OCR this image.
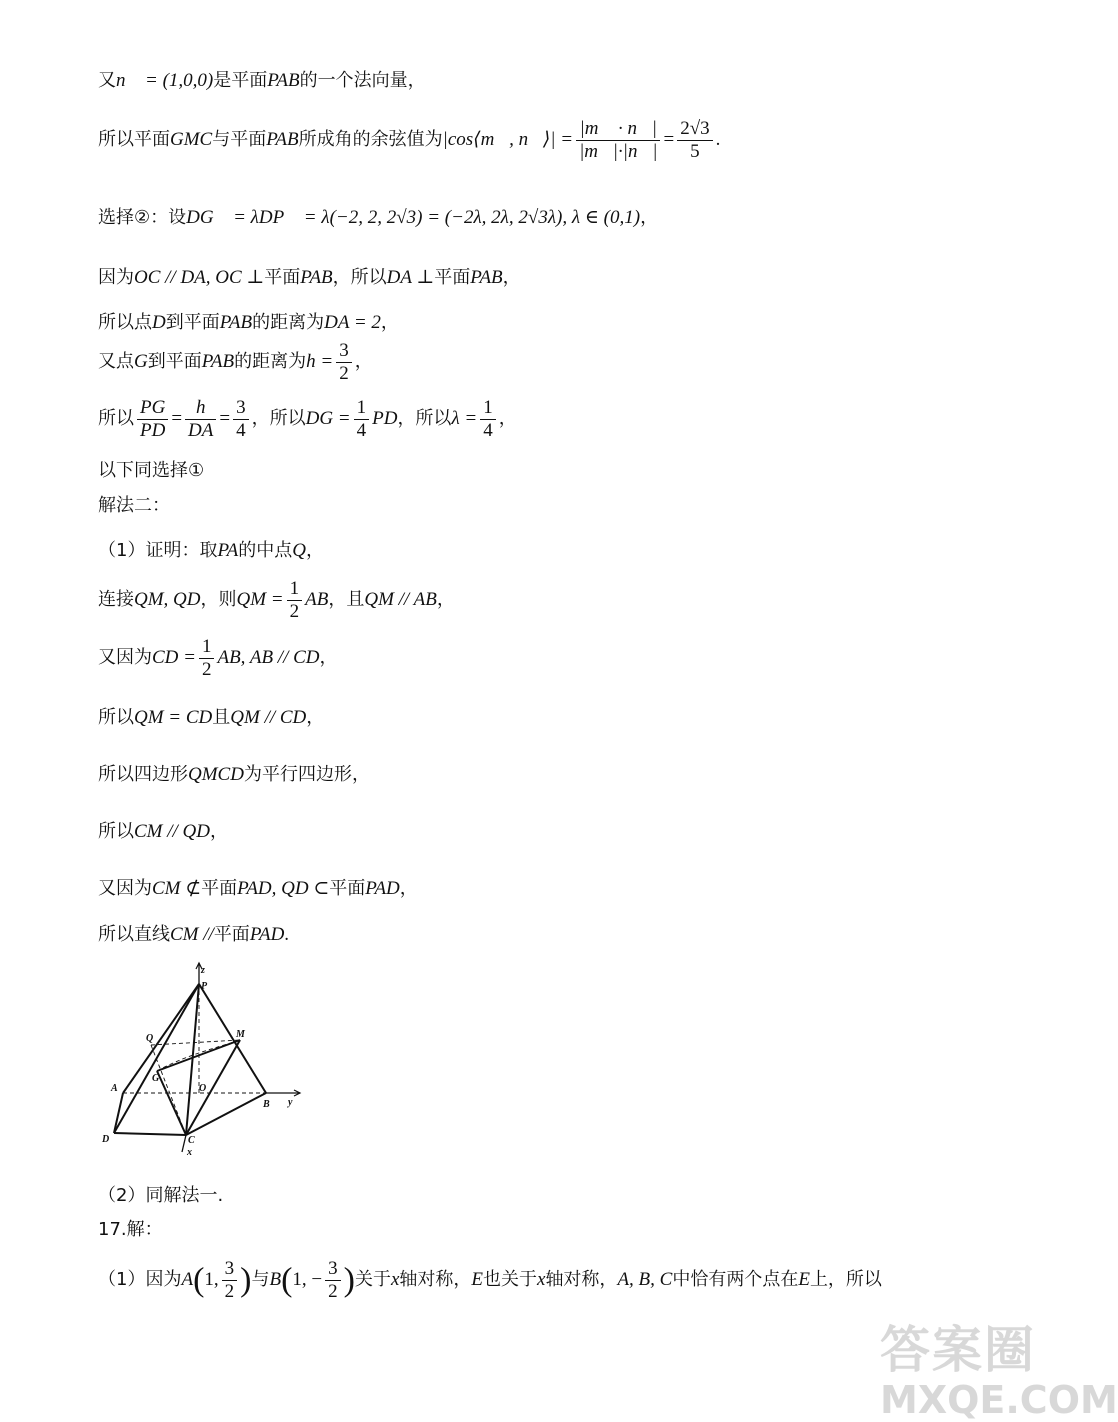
又n⃗ = (1,0,0)是平面PAB的一个法向量，
所以平面GMC与平面PAB所成角的余弦值为|cos⟨m⃗, n⃗⟩| = $\frac{|m⃗ \cdot n⃗|}{|m⃗|\cdot|n⃗|} = \frac{2√3}{5}$ .
选择②：设DG⃗ = λDP⃗ = λ(−2, 2, 2√3) = (−2λ, 2λ, 2√3λ), λ ∈ (0,1)，
因为OC // DA, OC ⊥平面PAB，所以DA ⊥平面PAB，
所以点D到平面PAB的距离为DA = 2，
又点G到平面PAB的距离为$h = \frac{3}{2}$ ，
所以 $\frac{PG}{PD} = \frac{h}{DA} = \frac{3}{4}$ ，所以DG = $\frac{1}{4}$ PD，所以$\lambda = \frac{1}{4}$ ，
以下同选择①
解法二：
（1）证明：取PA的中点Q，
连接QM, QD，则QM = $\frac{1}{2}$ AB，且QM // AB，
又因为CD = $\frac{1}{2}$ AB, AB // CD，
所以QM = CD且QM // CD，
所以四边形QMCD为平行四边形，
所以CM // QD，
又因为CM ⊄平面PAD, QD ⊂平面PAD，
所以直线CM //平面PAD.
z
P
Q	M
G
A	O
B y
D	C
x
（2）同解法一.
17.解：
（1）因为A(1, $\frac{3}{2}$ )与B(1, − $\frac{3}{2}$ )关于x轴对称，E也关于x轴对称，A, B, C中恰有两个点在E上，所以
答案圈
MXQE.COM
